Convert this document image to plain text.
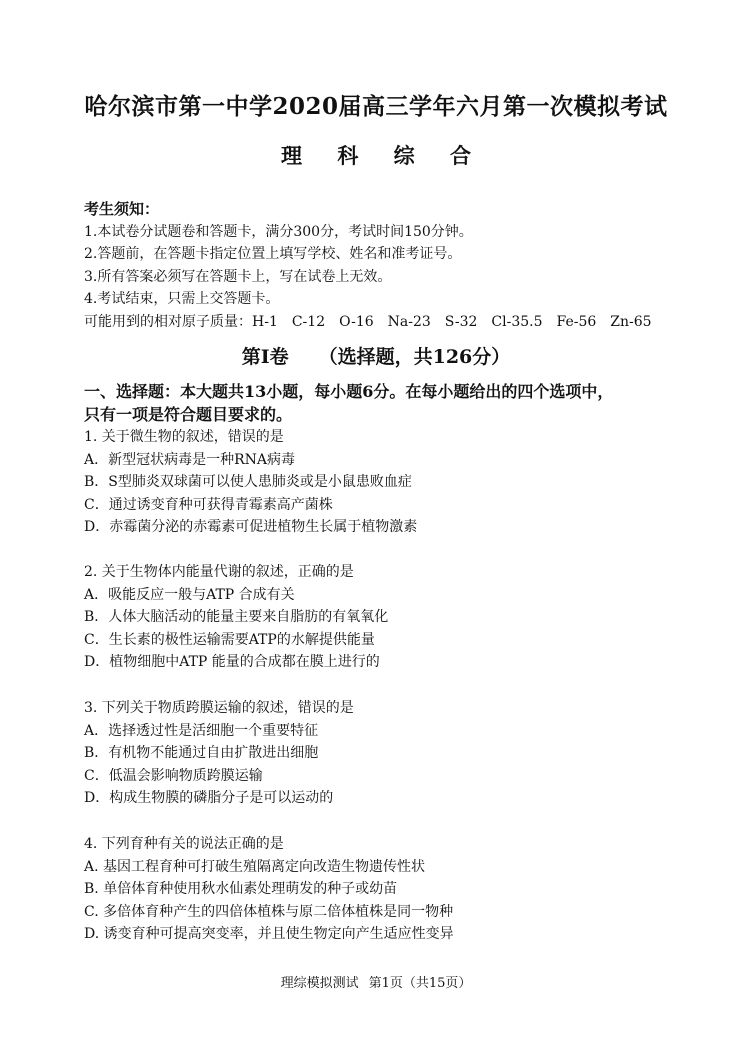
哈尔滨市第一中学2020届高三学年六月第一次模拟考试
理 科 综 合
考生须知：
1.本试卷分试题卷和答题卡，满分300分，考试时间150分钟。
2.答题前，在答题卡指定位置上填写学校、姓名和准考证号。
3.所有答案必须写在答题卡上，写在试卷上无效。
4.考试结束，只需上交答题卡。
可能用到的相对原子质量：H-1　C-12　O-16　Na-23　S-32　Cl-35.5　Fe-56　Zn-65
第Ⅰ卷 （选择题，共126分）
一、选择题：本大题共13小题，每小题6分。在每小题给出的四个选项中，
只有一项是符合题目要求的。
1. 关于微生物的叙述，错误的是
A．新型冠状病毒是一种RNA病毒
B．S型肺炎双球菌可以使人患肺炎或是小鼠患败血症
C．通过诱变育种可获得青霉素高产菌株
D．赤霉菌分泌的赤霉素可促进植物生长属于植物激素
2. 关于生物体内能量代谢的叙述，正确的是
A．吸能反应一般与ATP 合成有关
B．人体大脑活动的能量主要来自脂肪的有氧氧化
C．生长素的极性运输需要ATP的水解提供能量
D．植物细胞中ATP 能量的合成都在膜上进行的
3. 下列关于物质跨膜运输的叙述，错误的是
A．选择透过性是活细胞一个重要特征
B．有机物不能通过自由扩散进出细胞
C．低温会影响物质跨膜运输
D．构成生物膜的磷脂分子是可以运动的
4. 下列育种有关的说法正确的是
A. 基因工程育种可打破生殖隔离定向改造生物遗传性状
B. 单倍体育种使用秋水仙素处理萌发的种子或幼苗
C. 多倍体育种产生的四倍体植株与原二倍体植株是同一物种
D. 诱变育种可提高突变率，并且使生物定向产生适应性变异
理综模拟测试 第1页（共15页）
